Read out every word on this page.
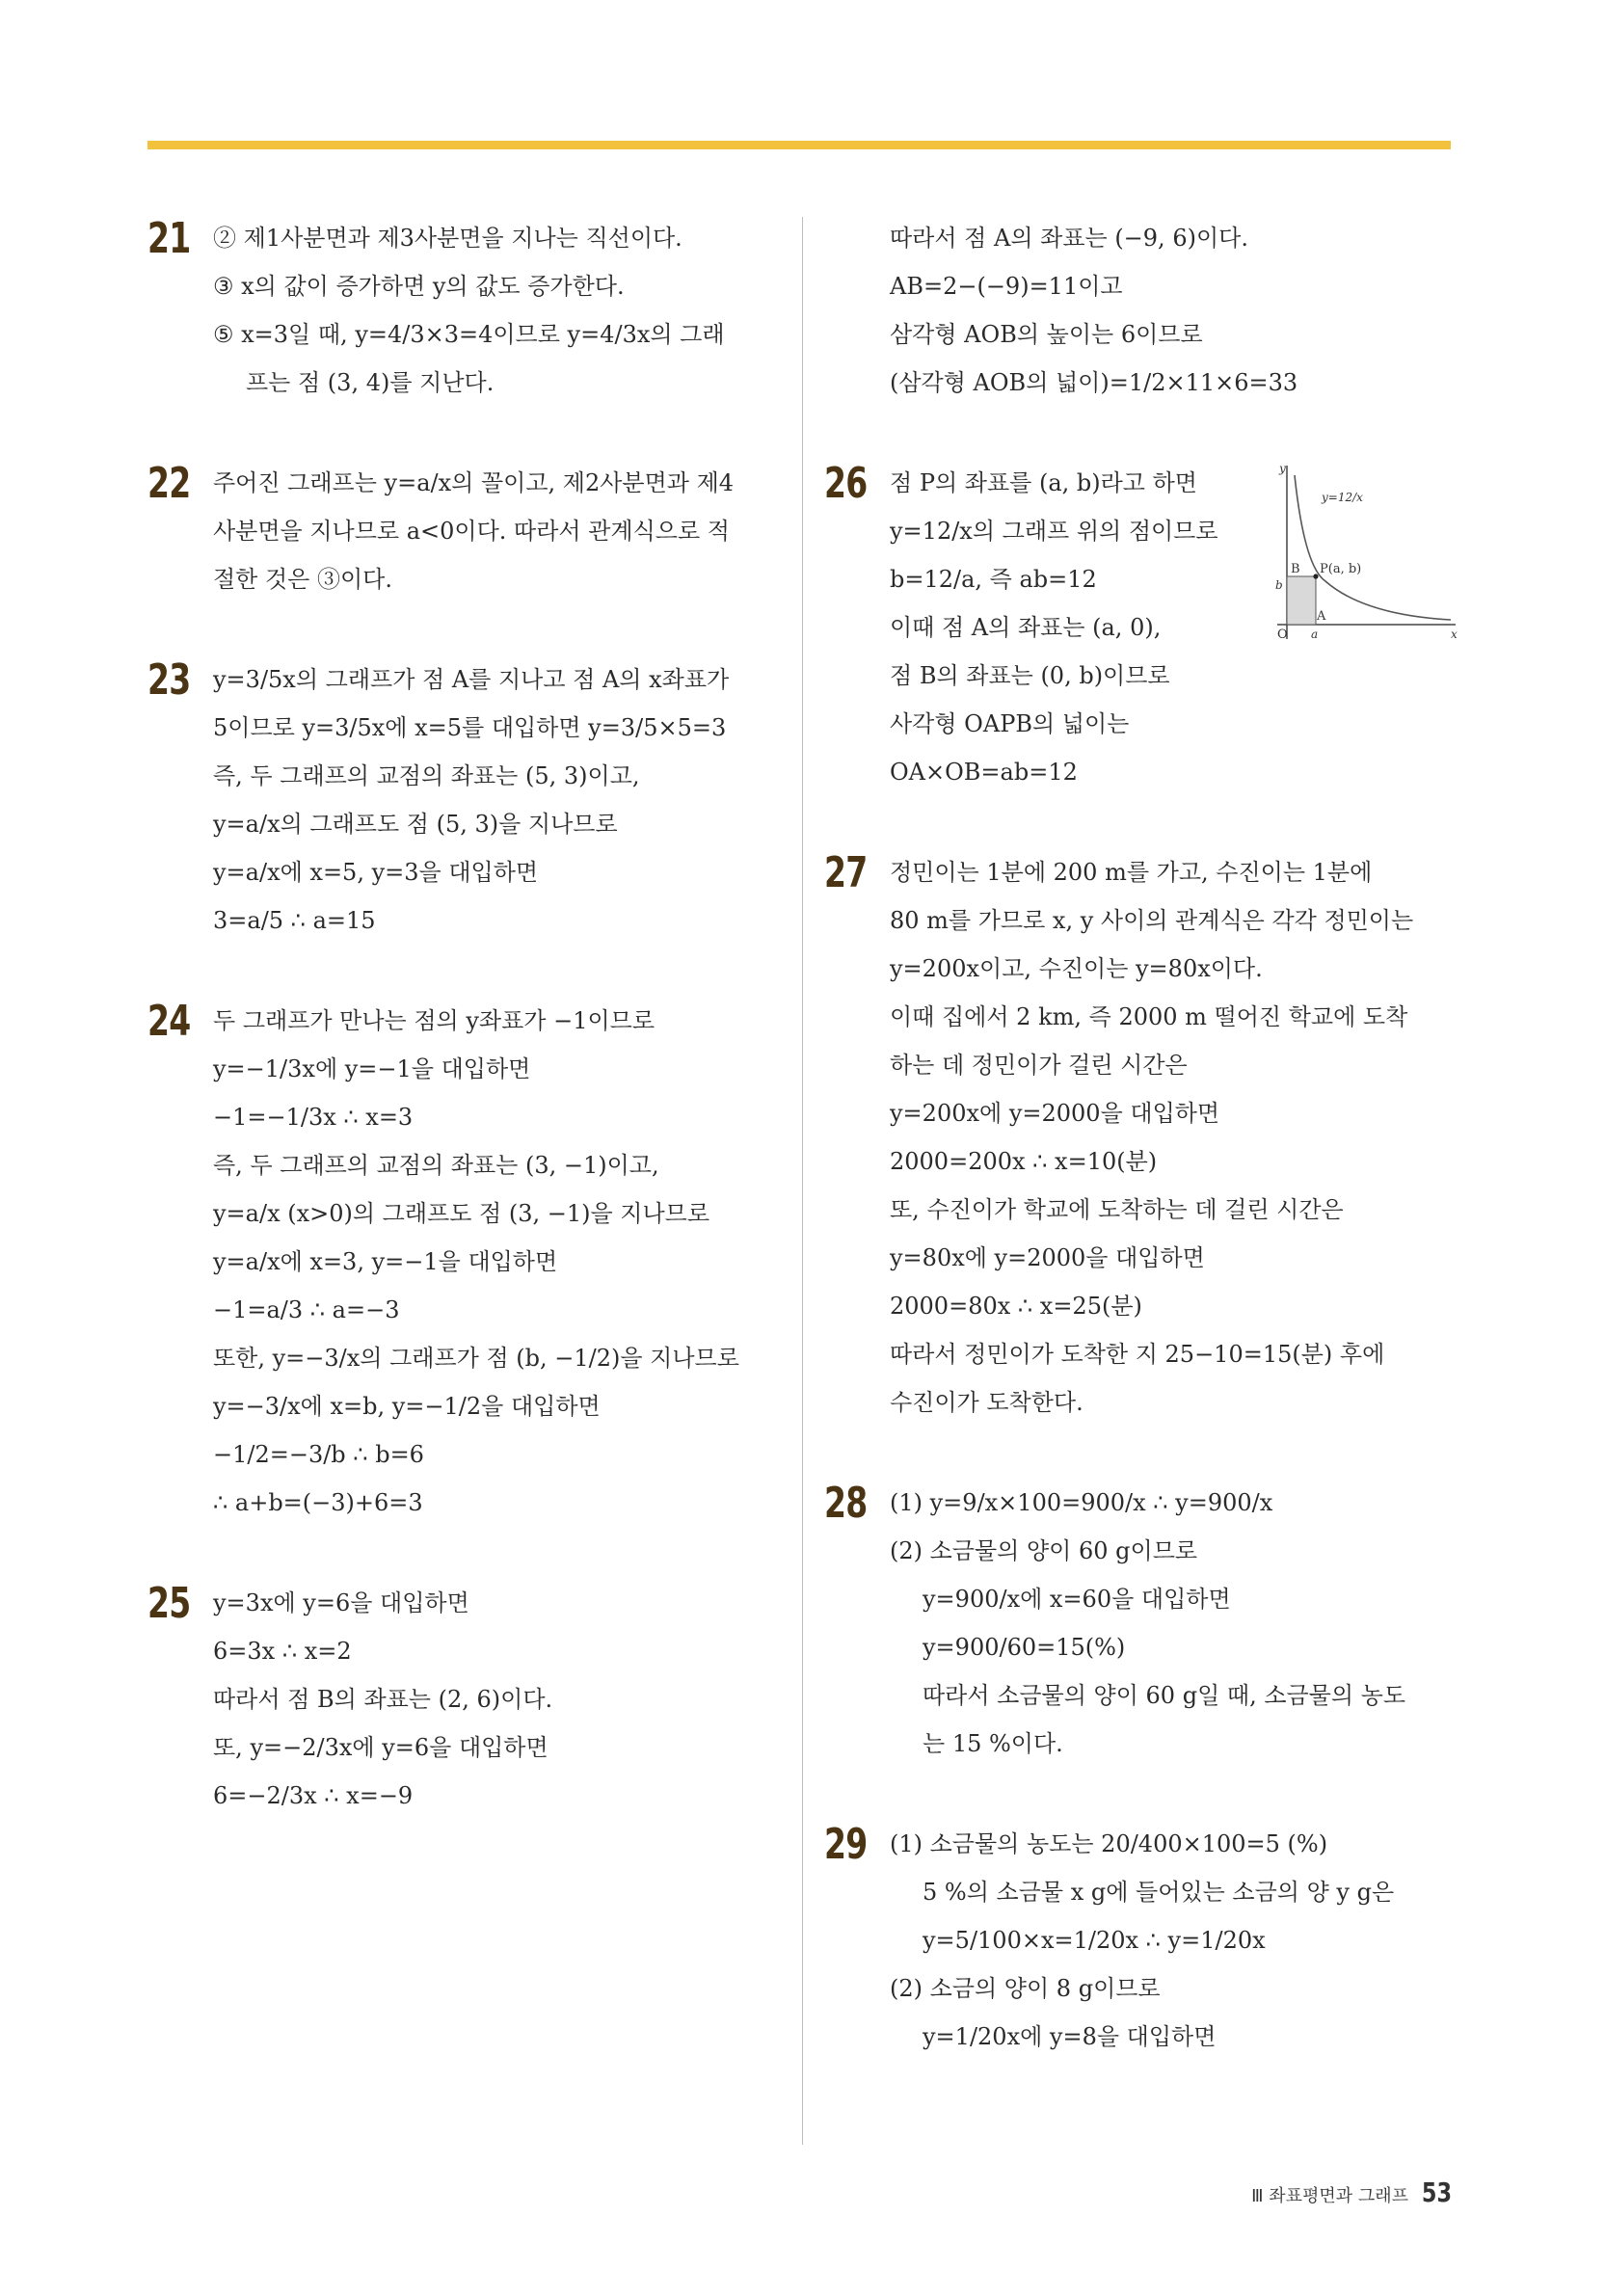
21 ② 제1사분면과 제3사분면을 지나는 직선이다.
③ x의 값이 증가하면 y의 값도 증가한다.
⑤ x=3일 때, y=4/3×3=4이므로 y=4/3x의 그래
프는 점 (3, 4)를 지난다.
22 주어진 그래프는 y=a/x의 꼴이고, 제2사분면과 제4
사분면을 지나므로 a<0이다. 따라서 관계식으로 적
절한 것은 ③이다.
23 y=3/5x의 그래프가 점 A를 지나고 점 A의 x좌표가
5이므로 y=3/5x에 x=5를 대입하면 y=3/5×5=3
즉, 두 그래프의 교점의 좌표는 (5, 3)이고,
y=a/x의 그래프도 점 (5, 3)을 지나므로
y=a/x에 x=5, y=3을 대입하면
3=a/5 ∴ a=15
24 두 그래프가 만나는 점의 y좌표가 −1이므로
y=−1/3x에 y=−1을 대입하면
−1=−1/3x ∴ x=3
즉, 두 그래프의 교점의 좌표는 (3, −1)이고,
y=a/x (x>0)의 그래프도 점 (3, −1)을 지나므로
y=a/x에 x=3, y=−1을 대입하면
−1=a/3 ∴ a=−3
또한, y=−3/x의 그래프가 점 (b, −1/2)을 지나므로
y=−3/x에 x=b, y=−1/2을 대입하면
−1/2=−3/b ∴ b=6
∴ a+b=(−3)+6=3
25 y=3x에 y=6을 대입하면
6=3x ∴ x=2
따라서 점 B의 좌표는 (2, 6)이다.
또, y=−2/3x에 y=6을 대입하면
6=−2/3x ∴ x=−9
따라서 점 A의 좌표는 (−9, 6)이다.
AB=2−(−9)=11이고
삼각형 AOB의 높이는 6이므로
(삼각형 AOB의 넓이)=1/2×11×6=33
26 점 P의 좌표를 (a, b)라고 하면
y=12/x의 그래프 위의 점이므로
b=12/a, 즉 ab=12
이때 점 A의 좌표는 (a, 0),
점 B의 좌표는 (0, b)이므로
사각형 OAPB의 넓이는
OA×OB=ab=12
y
x
O
y=12/x
B P(a, b)
A
b
a
27 정민이는 1분에 200 m를 가고, 수진이는 1분에
80 m를 가므로 x, y 사이의 관계식은 각각 정민이는
y=200x이고, 수진이는 y=80x이다.
이때 집에서 2 km, 즉 2000 m 떨어진 학교에 도착
하는 데 정민이가 걸린 시간은
y=200x에 y=2000을 대입하면
2000=200x ∴ x=10(분)
또, 수진이가 학교에 도착하는 데 걸린 시간은
y=80x에 y=2000을 대입하면
2000=80x ∴ x=25(분)
따라서 정민이가 도착한 지 25−10=15(분) 후에
수진이가 도착한다.
28 (1) y=9/x×100=900/x ∴ y=900/x
(2) 소금물의 양이 60 g이므로
y=900/x에 x=60을 대입하면
y=900/60=15(%)
따라서 소금물의 양이 60 g일 때, 소금물의 농도
는 15 %이다.
29 (1) 소금물의 농도는 20/400×100=5 (%)
5 %의 소금물 x g에 들어있는 소금의 양 y g은
y=5/100×x=1/20x ∴ y=1/20x
(2) 소금의 양이 8 g이므로
y=1/20x에 y=8을 대입하면
Ⅲ 좌표평면과 그래프 53
